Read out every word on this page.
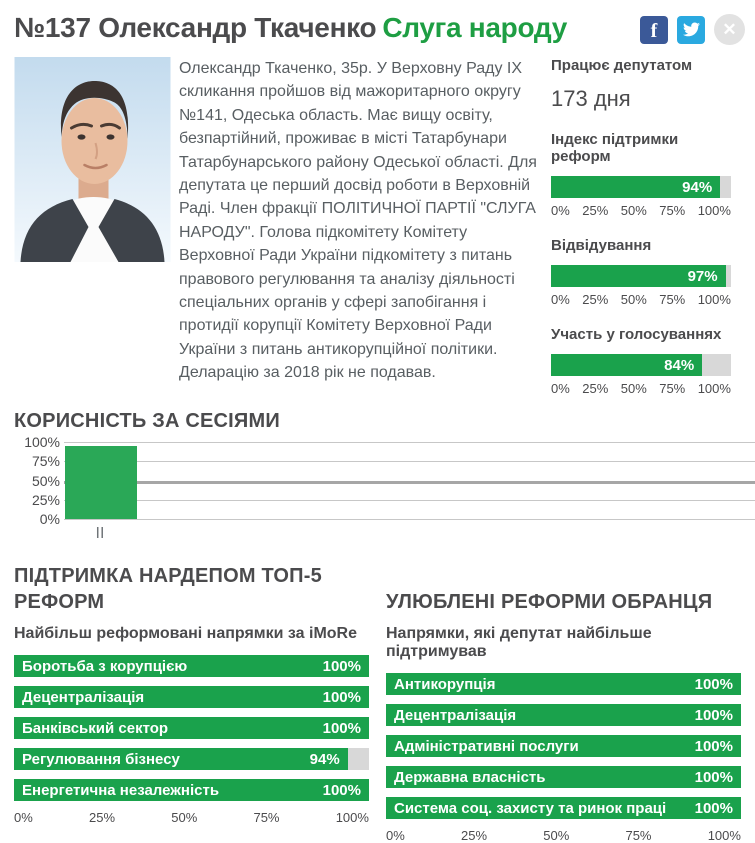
№137 Олександр Ткаченко Слуга народу	f	✕

Олександр Ткаченко, 35р. У Верховну Раду IX скликання пройшов від мажоритарного округу №141, Одеська область. Має вищу освіту, безпартійний, проживає в місті Татарбунари Татарбунарського району Одеської області. Для депутата це перший досвід роботи в Верховній Раді. Член фракції ПОЛІТИЧНОЇ ПАРТІЇ "СЛУГА НАРОДУ". Голова підкомітету Комітету Верховної Ради України підкомітету з питань правового регулювання та аналізу діяльності спеціальних органів у сфері запобігання і протидії корупції Комітету Верховної Ради України з питань антикорупційної політики. Деларацію за 2018 рік не подавав.

Працює депутатом
173 дня
Індекс підтримки реформ
94%
0% 25% 50% 75% 100%
Відвідування
97%
0% 25% 50% 75% 100%
Участь у голосуваннях
84%
0% 25% 50% 75% 100%
КОРИСНІСТЬ ЗА СЕСІЯМИ
100%
75%
50%
25%
0%
II
ПІДТРИМКА НАРДЕПОМ ТОП-5 РЕФОРМ
Найбільш реформовані напрямки за iMoRe
Боротьба з корупцією	100%
Децентралізація	100%
Банківський сектор	100%
Регулювання бізнесу	94%
Енергетична незалежність	100%
0%	25%	50%	75%	100%
УЛЮБЛЕНІ РЕФОРМИ ОБРАНЦЯ
Напрямки, які депутат найбільше підтримував
Антикорупція	100%
Децентралізація	100%
Адміністративні послуги	100%
Державна власність	100%
Система соц. захисту та ринок праці 100%
0%	25%	50%	75%	100%
